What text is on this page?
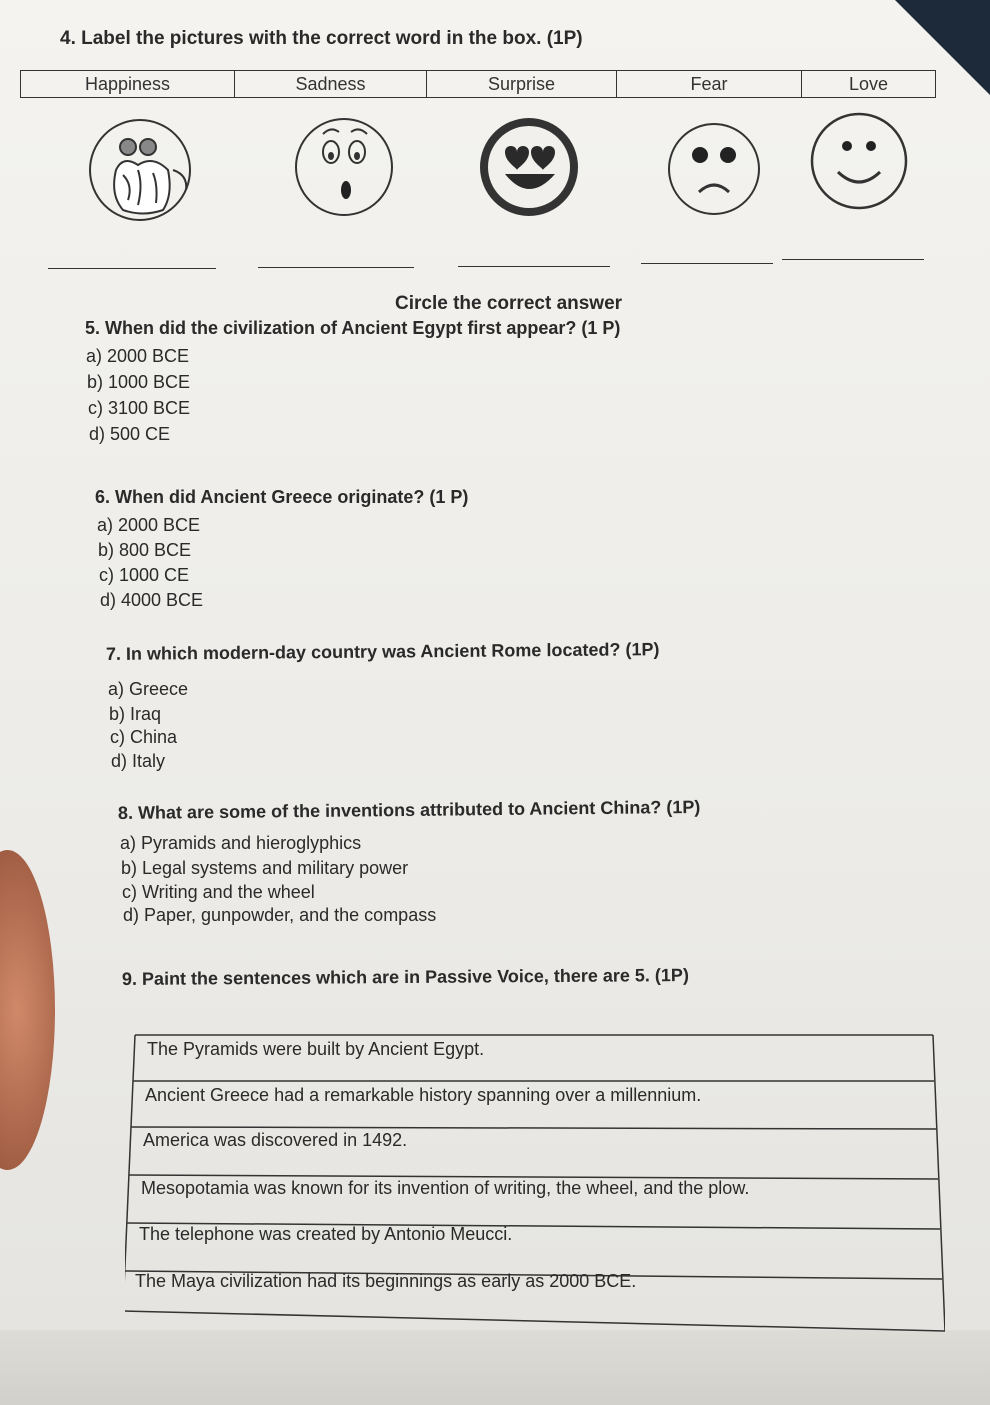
4. Label the pictures with the correct word in the box. (1P)
Happiness	Sadness	Surprise	Fear	Love
Circle the correct answer
5. When did the civilization of Ancient Egypt first appear? (1 P)
a) 2000 BCE
b) 1000 BCE
c) 3100 BCE
d) 500 CE
6. When did Ancient Greece originate? (1 P)
a) 2000 BCE
b) 800 BCE
c) 1000 CE
d) 4000 BCE
7. In which modern-day country was Ancient Rome located? (1P)
a) Greece
b) Iraq
c) China
d) Italy
8. What are some of the inventions attributed to Ancient China? (1P)
a) Pyramids and hieroglyphics
b) Legal systems and military power
c) Writing and the wheel
d) Paper, gunpowder, and the compass
9. Paint the sentences which are in Passive Voice, there are 5. (1P)
The Pyramids were built by Ancient Egypt.
Ancient Greece had a remarkable history spanning over a millennium.
America was discovered in 1492.
Mesopotamia was known for its invention of writing, the wheel, and the plow.
The telephone was created by Antonio Meucci.
The Maya civilization had its beginnings as early as 2000 BCE.
